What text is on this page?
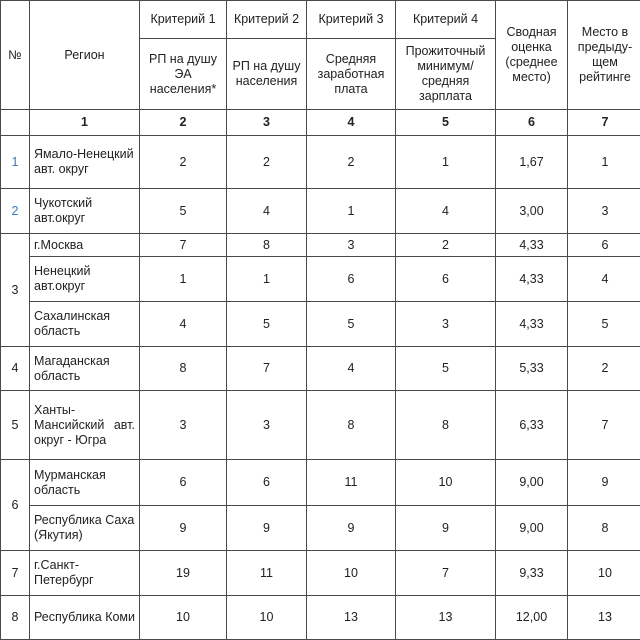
№	Регион	Критерий 1	Критерий 2	Критерий 3	Критерий 4	Сводная оценка (среднее место)	Место в предыду-щем рейтинге
		РП на душу ЭА населения*	РП на душу населения	Средняя заработная плата	Прожиточный минимум/ средняя зарплата		
	1	2	3	4	5	6	7
1	Ямало-Ненецкий авт. округ	2	2	2	1	1,67	1
2	Чукотский авт.округ	5	4	1	4	3,00	3
3	г.Москва	7	8	3	2	4,33	6
	Ненецкий авт.округ	1	1	6	6	4,33	4
	Сахалинская область	4	5	5	3	4,33	5
4	Магаданская область	8	7	4	5	5,33	2
5	Ханты-Мансийский авт. округ - Югра	3	3	8	8	6,33	7
6	Мурманская область	6	6	11	10	9,00	9
	Республика Саха (Якутия)	9	9	9	9	9,00	8
7	г.Санкт-Петербург	19	11	10	7	9,33	10
8	Республика Коми	10	10	13	13	12,00	13
